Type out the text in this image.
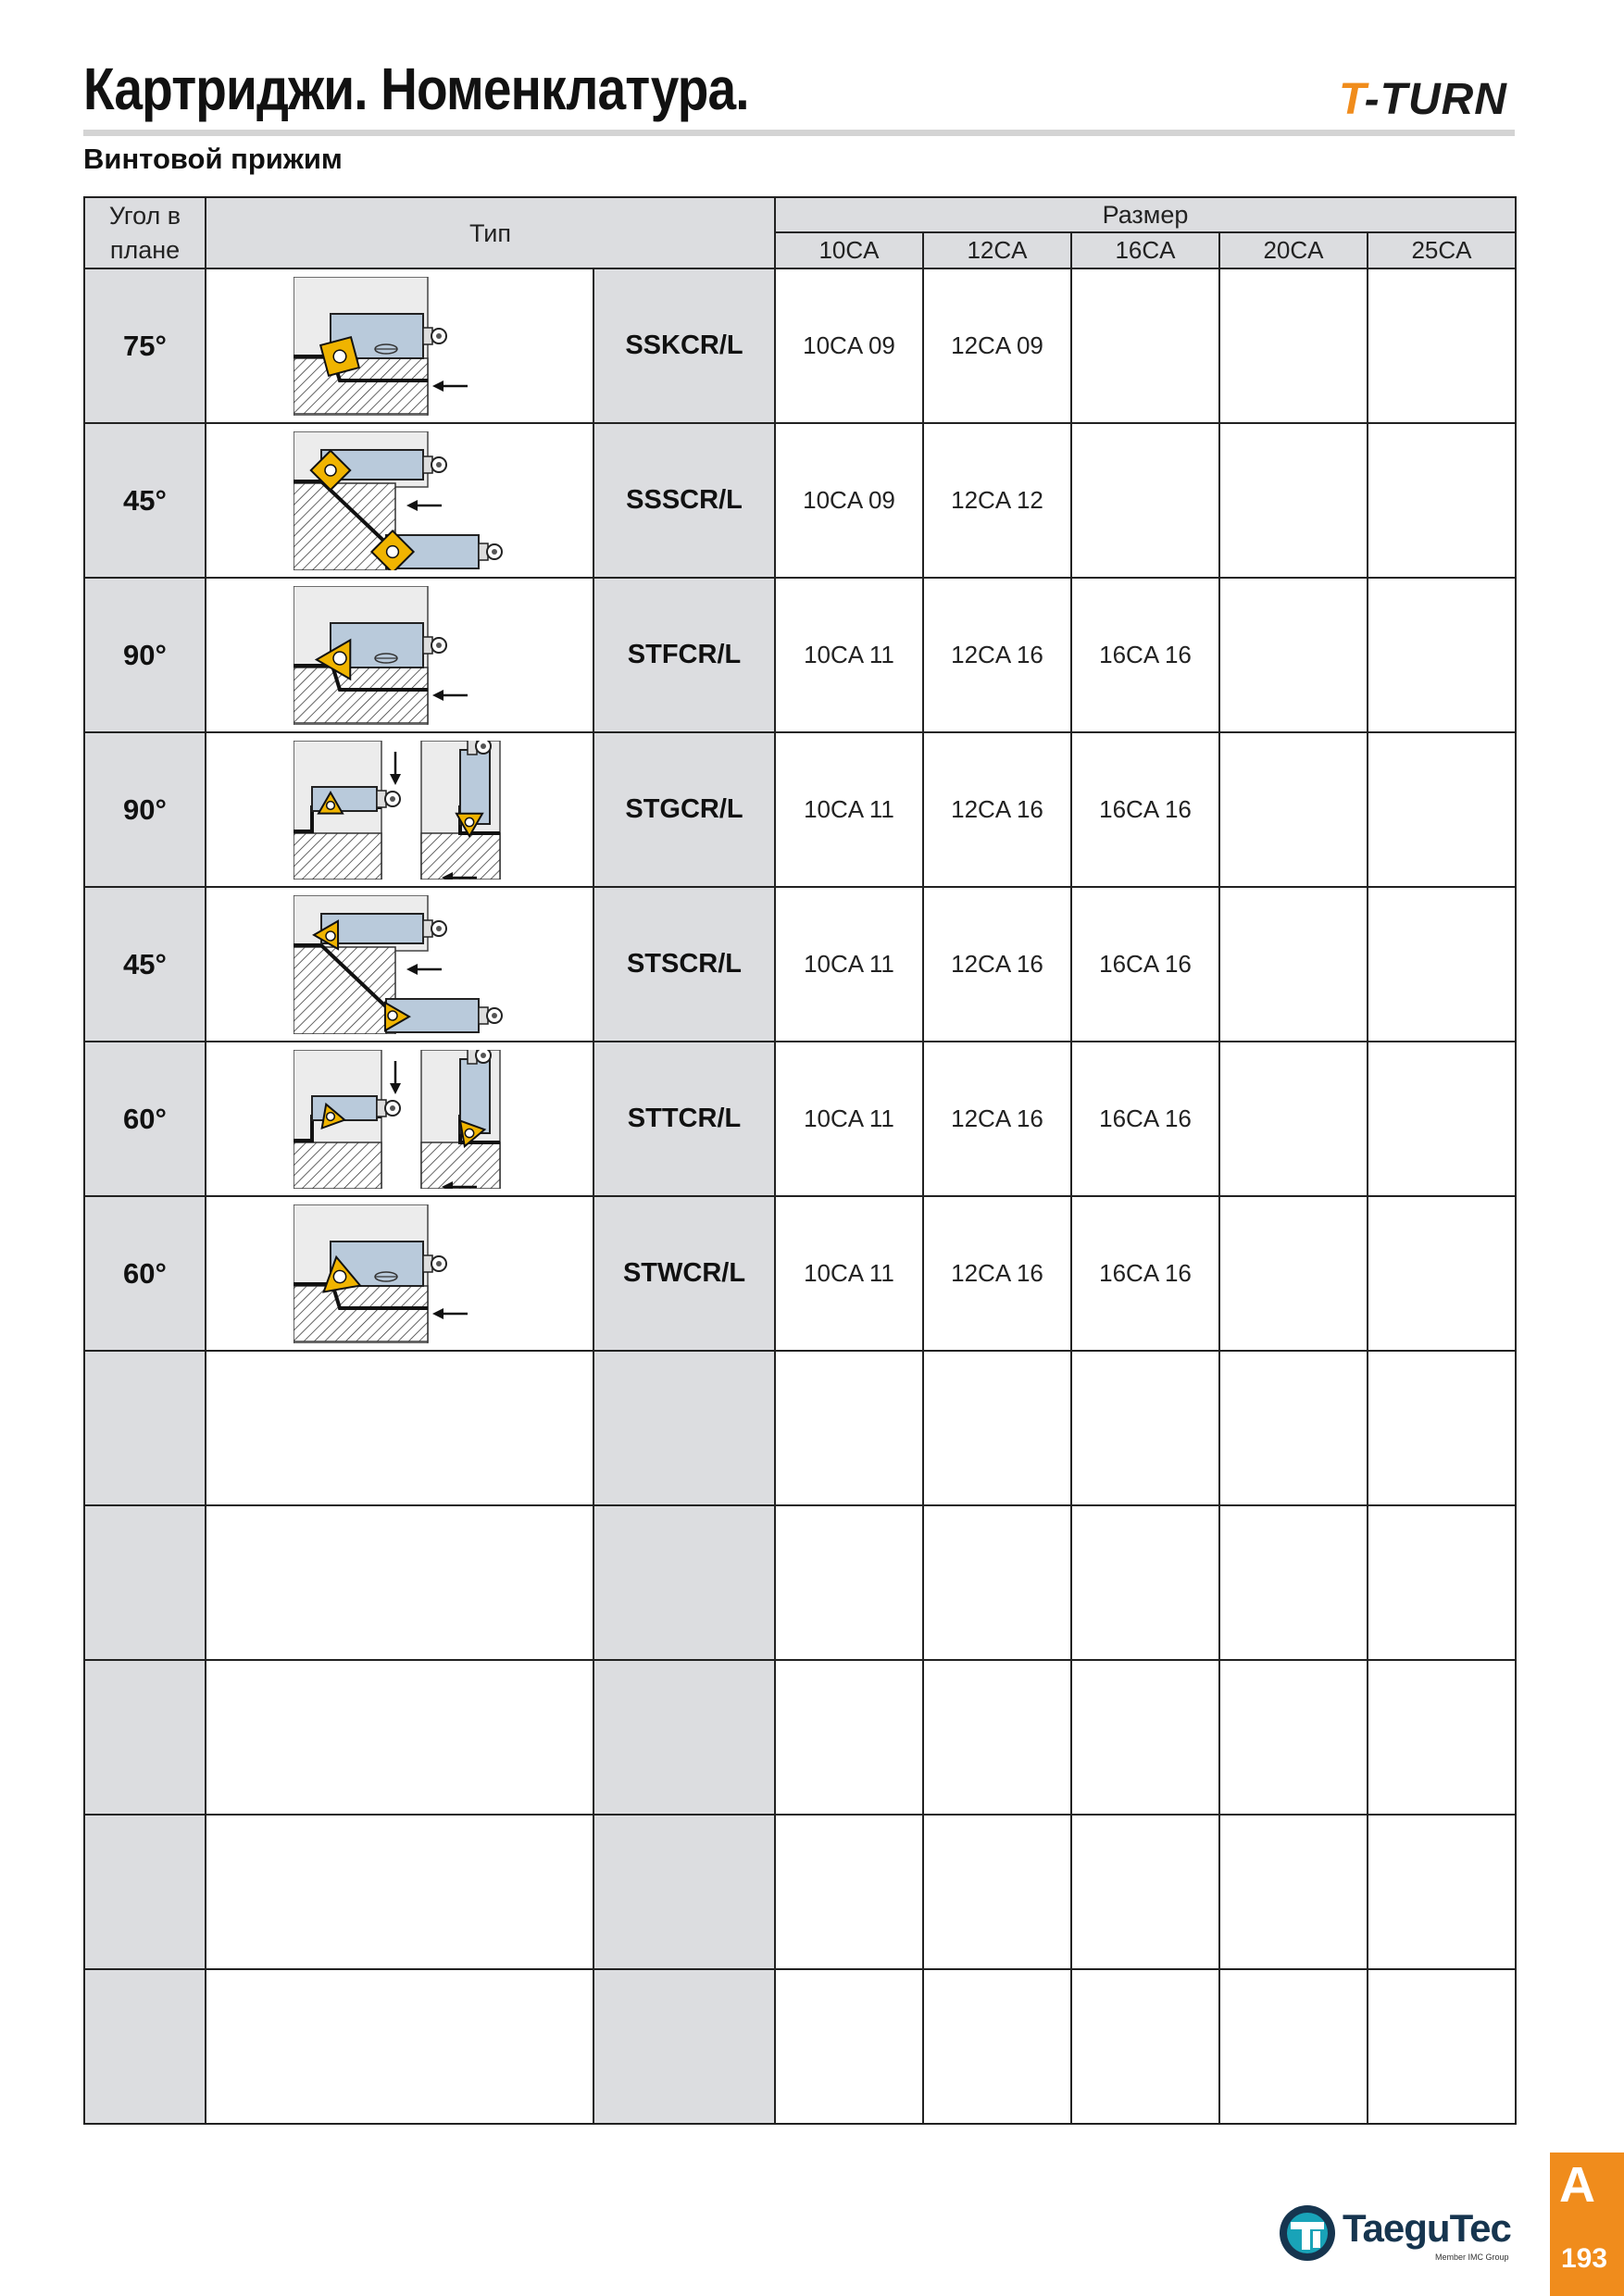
Картриджи. Номенклатура.	T-TURN
Винтовой прижим
Угол в плане	Тип		Размер				
			10CA	12CA	16CA	20CA	25CA
75°		SSKCR/L	10CA 09	12CA 09			
45°		SSSCR/L	10CA 09	12CA 12			
90°		STFCR/L	10CA 11	12CA 16	16CA 16		
90°		STGCR/L	10CA 11	12CA 16	16CA 16		
45°		STSCR/L	10CA 11	12CA 16	16CA 16		
60°		STTCR/L	10CA 11	12CA 16	16CA 16		
60°		STWCR/L	10CA 11	12CA 16	16CA 16		

TaeguTec
Member IMC Group
A
193
